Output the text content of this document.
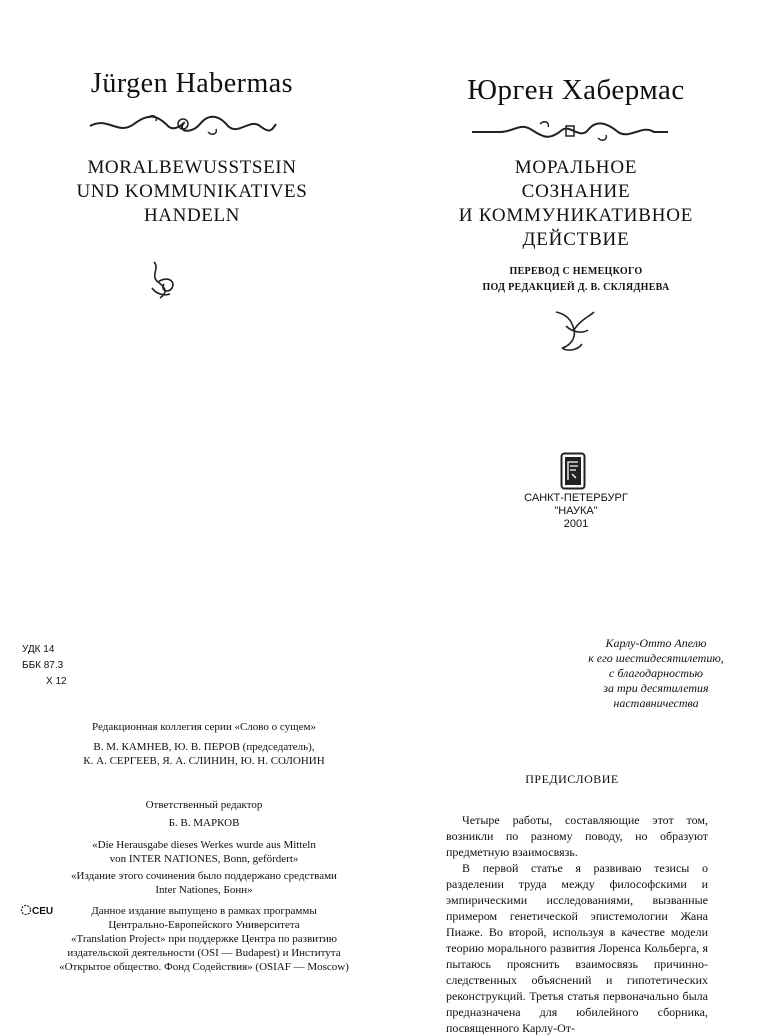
Jürgen Habermas
MORALBEWUSSTSEIN
UND KOMMUNIKATIVES
HANDELN
Юрген Хабермас
МОРАЛЬНОЕ
СОЗНАНИЕ
И КОММУНИКАТИВНОЕ
ДЕЙСТВИЕ
ПЕРЕВОД С НЕМЕЦКОГО
ПОД РЕДАКЦИЕЙ Д. В. СКЛЯДНЕВА
САНКТ-ПЕТЕРБУРГ
"НАУКА"
2001
УДК 14
ББК 87.3
Х 12
Редакционная коллегия серии «Слово о сущем»
В. М. КАМНЕВ, Ю. В. ПЕРОВ (председатель),
К. А. СЕРГЕЕВ, Я. А. СЛИНИН, Ю. Н. СОЛОНИН
Ответственный редактор
Б. В. МАРКОВ
«Die Herausgabe dieses Werkes wurde aus Mitteln
von INTER NATIONES, Bonn, gefördert»
«Издание этого сочинения было поддержано средствами
Inter Nationes, Бонн»
CEU	Данное издание выпущено в рамках программы
Центрально-Европейского Университета
«Translation Project» при поддержке Центра по развитию
издательской деятельности (OSI — Budapest) и Института
«Открытое общество. Фонд Содействия» (OSIAF — Moscow)
Карлу-Отто Апелю
к его шестидесятилетию,
с благодарностью
за три десятилетия
наставничества
ПРЕДИСЛОВИЕ

Четыре работы, составляющие этот том, возникли по разному поводу, но образуют предметную взаимосвязь.

В первой статье я развиваю тезисы о разделении труда между философскими и эмпирическими исследованиями, вызванные примером генетической эпистемологии Жана Пиаже. Во второй, используя в качестве модели теорию морального развития Лоренса Кольберга, я пытаюсь прояснить взаимосвязь причинно-следственных объяснений и гипотетических реконструкций. Третья статья первоначально была предназначена для юбилейного сборника, посвященного Карлу-От-
